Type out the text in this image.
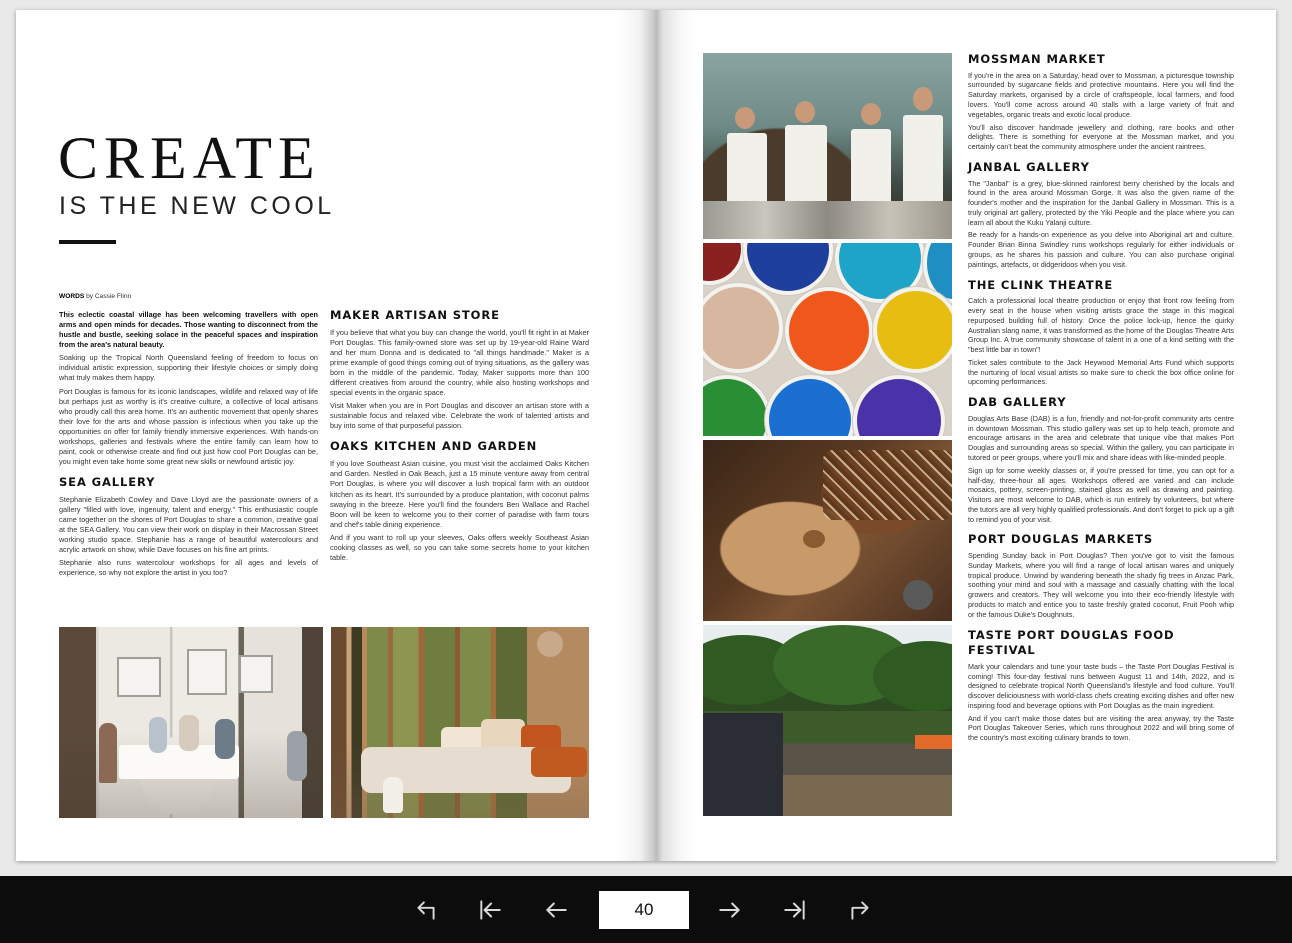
CREATE
IS THE NEW COOL
WORDS by Cassie Flinn

This eclectic coastal village has been welcoming travellers with open arms and open minds for decades. Those wanting to disconnect from the hustle and bustle, seeking solace in the peaceful spaces and inspiration from the area's natural beauty.

Soaking up the Tropical North Queensland feeling of freedom to focus on individual artistic expression, supporting their lifestyle choices or simply doing what truly makes them happy.

Port Douglas is famous for its iconic landscapes, wildlife and relaxed way of life but perhaps just as worthy is it's creative culture, a collective of local artisans who proudly call this area home. It's an authentic movement that openly shares their love for the arts and whose passion is infectious when you take up the opportunities on offer for family friendly immersive experiences. With hands-on workshops, galleries and festivals where the entire family can learn how to paint, cook or otherwise create and find out just how cool Port Douglas can be, you might even take home some great new skills or newfound artistic joy.

SEA GALLERY

Stephanie Elizabeth Cowley and Dave Lloyd are the passionate owners of a gallery "filled with love, ingenuity, talent and energy." This enthusiastic couple came together on the shores of Port Douglas to share a common, creative goal at the SEA Gallery. You can view their work on display in their Macrossan Street working studio space. Stephanie has a range of beautiful watercolours and acrylic artwork on show, while Dave focuses on his fine art prints.

Stephanie also runs watercolour workshops for all ages and levels of experience, so why not explore the artist in you too?

MAKER ARTISAN STORE

If you believe that what you buy can change the world, you'll fit right in at Maker Port Douglas. This family-owned store was set up by 19-year-old Raine Ward and her mum Donna and is dedicated to "all things handmade." Maker is a prime example of good things coming out of trying situations, as the gallery was born in the middle of the pandemic. Today, Maker supports more than 100 different creatives from around the country, while also hosting workshops and special events in the organic space.

Visit Maker when you are in Port Douglas and discover an artisan store with a sustainable focus and relaxed vibe. Celebrate the work of talented artists and buy into some of that purposeful passion.

OAKS KITCHEN AND GARDEN

If you love Southeast Asian cuisine, you must visit the acclaimed Oaks Kitchen and Garden. Nestled in Oak Beach, just a 15 minute venture away from central Port Douglas, is where you will discover a lush tropical farm with an outdoor kitchen as its heart. It's surrounded by a produce plantation, with coconut palms swaying in the breeze. Here you'll find the founders Ben Wallace and Rachel Boon will be keen to welcome you to their corner of paradise with farm tours and chef's table dining experience.

And if you want to roll up your sleeves, Oaks offers weekly Southeast Asian cooking classes as well, so you can take some secrets home to your kitchen table.

MOSSMAN MARKET

If you're in the area on a Saturday, head over to Mossman, a picturesque township surrounded by sugarcane fields and protective mountains. Here you will find the Saturday markets, organised by a circle of craftspeople, local farmers, and food lovers. You'll come across around 40 stalls with a large variety of fruit and vegetables, organic treats and exotic local produce.

You'll also discover handmade jewellery and clothing, rare books and other delights. There is something for everyone at the Mossman market, and you certainly can't beat the community atmosphere under the ancient raintrees.

JANBAL GALLERY

The "Janbal" is a grey, blue-skinned rainforest berry cherished by the locals and found in the area around Mossman Gorge. It was also the given name of the founder's mother and the inspiration for the Janbal Gallery in Mossman. This is a truly original art gallery, protected by the Yiki People and the place where you can learn all about the Kuku Yalanji culture.

Be ready for a hands-on experience as you delve into Aboriginal art and culture. Founder Brian Binna Swindley runs workshops regularly for either individuals or groups, as he shares his passion and culture. You can also purchase original paintings, artefacts, or didgeridoos when you visit.

THE CLINK THEATRE

Catch a professional local theatre production or enjoy that front row feeling from every seat in the house when visiting artists grace the stage in this magical repurposed building full of history. Once the police lock-up, hence the quirky Australian slang name, it was transformed as the home of the Douglas Theatre Arts Group Inc. A true community showcase of talent in a one of a kind setting with the "best little bar in town"!

Ticket sales contribute to the Jack Heywood Memorial Arts Fund which supports the nurturing of local visual artists so make sure to check the box office online for upcoming performances.

DAB GALLERY

Douglas Arts Base (DAB) is a fun, friendly and not-for-profit community arts centre in downtown Mossman. This studio gallery was set up to help teach, promote and encourage artisans in the area and celebrate that unique vibe that makes Port Douglas and surrounding areas so special. Within the gallery, you can participate in tutored or peer groups, where you'll mix and share ideas with like-minded people.

Sign up for some weekly classes or, if you're pressed for time, you can opt for a half-day, three-hour all ages. Workshops offered are varied and can include mosaics, pottery, screen-printing, stained glass as well as drawing and painting. Visitors are most welcome to DAB, which is run entirely by volunteers, but where the tutors are all very highly qualified professionals. And don't forget to pick up a gift to remind you of your visit.

PORT DOUGLAS MARKETS

Spending Sunday back in Port Douglas? Then you've got to visit the famous Sunday Markets, where you will find a range of local artisan wares and uniquely tropical produce. Unwind by wandering beneath the shady fig trees in Anzac Park, soothing your mind and soul with a massage and casually chatting with the local growers and creators. They will welcome you into their eco-friendly lifestyle with products to match and entice you to taste freshly grated coconut, Fruit Pooh whip or the famous Duke's Doughnuts.

TASTE PORT DOUGLAS FOOD FESTIVAL

Mark your calendars and tune your taste buds – the Taste Port Douglas Festival is coming! This four-day festival runs between August 11 and 14th, 2022, and is designed to celebrate tropical North Queensland's lifestyle and food culture. You'll discover deliciousness with world-class chefs creating exciting dishes and offer new inspiring food and beverage options with Port Douglas as the main ingredient.

And if you can't make those dates but are visiting the area anyway, try the Taste Port Douglas Takeover Series, which runs throughout 2022 and will bring some of the country's most exciting culinary brands to town.

40
